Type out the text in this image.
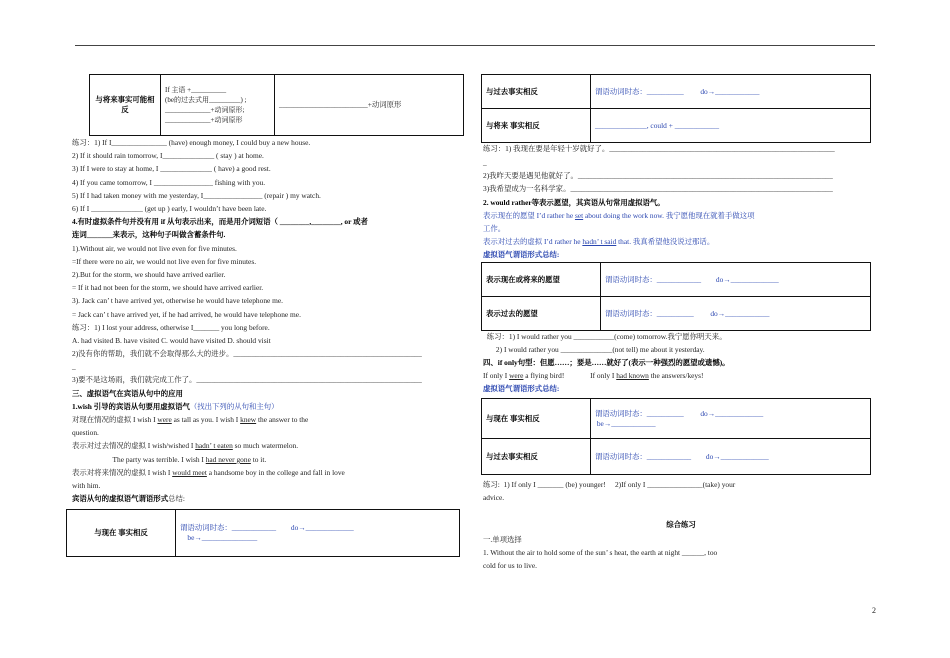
与将来事实可能相反	
If 主语 +__________
(be的过去式用_________) ;
_____________+动词原形;
_____________+动词原形
	________________________+动词原形
练习：1) If I_______________ (have) enough money, I could buy a new house.
2) If it should rain tomorrow, I______________ ( stay ) at home.
3) If I were to stay at home, I ______________ ( have) a good rest.
4) If you came tomorrow, I ________________ fishing with you.
5) If I had taken money with me yesterday, I________________ (repair ) my watch.
6) If I ______________ (get up ) early, I wouldn’t have been late.
4.有时虚拟条件句并没有用 if 从句表示出来，而是用介词短语（ ________,________, or 或者
连词_______来表示，这种句子叫做含蓄条件句.
1).Without air, we would not live even for five minutes.
=If there were no air, we would not live even for five minutes.
2).But for the storm, we should have arrived earlier.
= If it had not been for the storm, we should have arrived earlier.
3). Jack can’ t have arrived yet, otherwise he would have telephone me.
= Jack can’ t have arrived yet, if he had arrived, he would have telephone me.
练习：1) I lost your address, otherwise I_______ you long before.
A. had visited B. have visited C. would have visited D. should visit
2)没有你的帮助，我们就不会取得那么大的进步。___________________________________________________
_
3)要不是这场雨，我们就完成工作了。_____________________________________________________________
三、虚拟语气在宾语从句中的应用
1.wish 引导的宾语从句要用虚拟语气（找出下列的从句和主句）
对现在情况的虚拟 I wish I were as tall as you. I wish I knew the answer to the
question.
表示对过去情况的虚拟 I wish/wished I hadn’ t eaten so much watermelon.
The party was terrible. I wish I had never gone to it.
表示对将来情况的虚拟 I wish I would meet a handsome boy in the college and fall in love
with him.
宾语从句的虚拟语气谓语形式总结:
与现在 事实相反	谓语动词时态：____________ do→_____________
be→_______________
与过去事实相反	谓语动词时态：__________ do→____________
与将来 事实相反	______________, could + ____________
练习：1) 我现在要是年轻十岁就好了。_____________________________________________________________
_
2)我昨天要是遇见他就好了。_____________________________________________________________________
3)我希望成为一名科学家。_______________________________________________________________________
2. would rather等表示愿望，其宾语从句常用虚拟语气。
表示现在的愿望 I’d rather he set about doing the work now. 我宁愿他现在就着手做这项
工作。
表示对过去的虚拟 I’d rather he hadn’ t said that. 我真希望他没说过那话。
虚拟语气谓语形式总结:
表示现在或将来的愿望	谓语动词时态：____________ do→_____________
表示过去的愿望	谓语动词时态：__________ do→____________
练习：1) I would rather you ___________(come) tomorrow.我宁愿你明天来。
2) I would rather you ______________(not tell) me about it yesterday.
四、if only句型：但愿……；要是……就好了(表示一种强烈的愿望或遗憾)。
If only I were a flying bird!              If only I had known the answers/keys!
虚拟语气谓语形式总结:
与现在 事实相反	谓语动词时态：__________ do→_____________
be→____________
与过去事实相反	谓语动词时态：____________ do→_____________
练习:  1) If only I _______ (be) younger!     2)If only I _______________(take) your
advice.
综合练习
一.单项选择
1. Without the air to hold some of the sun’ s heat, the earth at night ______, too
cold for us to live.
2
